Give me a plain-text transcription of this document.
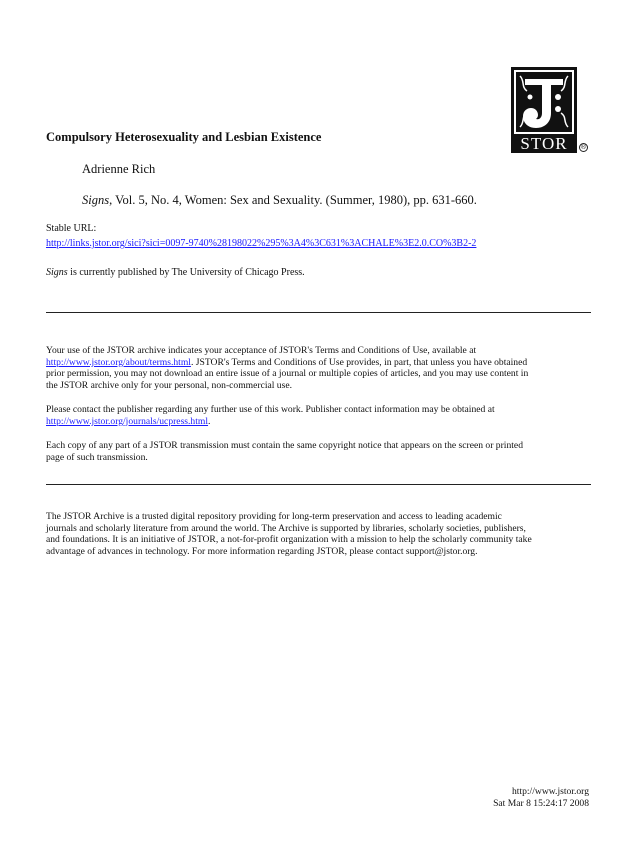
STOR ®
Compulsory Heterosexuality and Lesbian Existence
Adrienne Rich
Signs, Vol. 5, No. 4, Women: Sex and Sexuality. (Summer, 1980), pp. 631-660.
Stable URL:
http://links.jstor.org/sici?sici=0097-9740%28198022%295%3A4%3C631%3ACHALE%3E2.0.CO%3B2-2
Signs is currently published by The University of Chicago Press.
Your use of the JSTOR archive indicates your acceptance of JSTOR's Terms and Conditions of Use, available at
http://www.jstor.org/about/terms.html. JSTOR's Terms and Conditions of Use provides, in part, that unless you have obtained
prior permission, you may not download an entire issue of a journal or multiple copies of articles, and you may use content in
the JSTOR archive only for your personal, non-commercial use.
Please contact the publisher regarding any further use of this work. Publisher contact information may be obtained at
http://www.jstor.org/journals/ucpress.html.
Each copy of any part of a JSTOR transmission must contain the same copyright notice that appears on the screen or printed
page of such transmission.
The JSTOR Archive is a trusted digital repository providing for long-term preservation and access to leading academic
journals and scholarly literature from around the world. The Archive is supported by libraries, scholarly societies, publishers,
and foundations. It is an initiative of JSTOR, a not-for-profit organization with a mission to help the scholarly community take
advantage of advances in technology. For more information regarding JSTOR, please contact support@jstor.org.
http://www.jstor.org
Sat Mar 8 15:24:17 2008
